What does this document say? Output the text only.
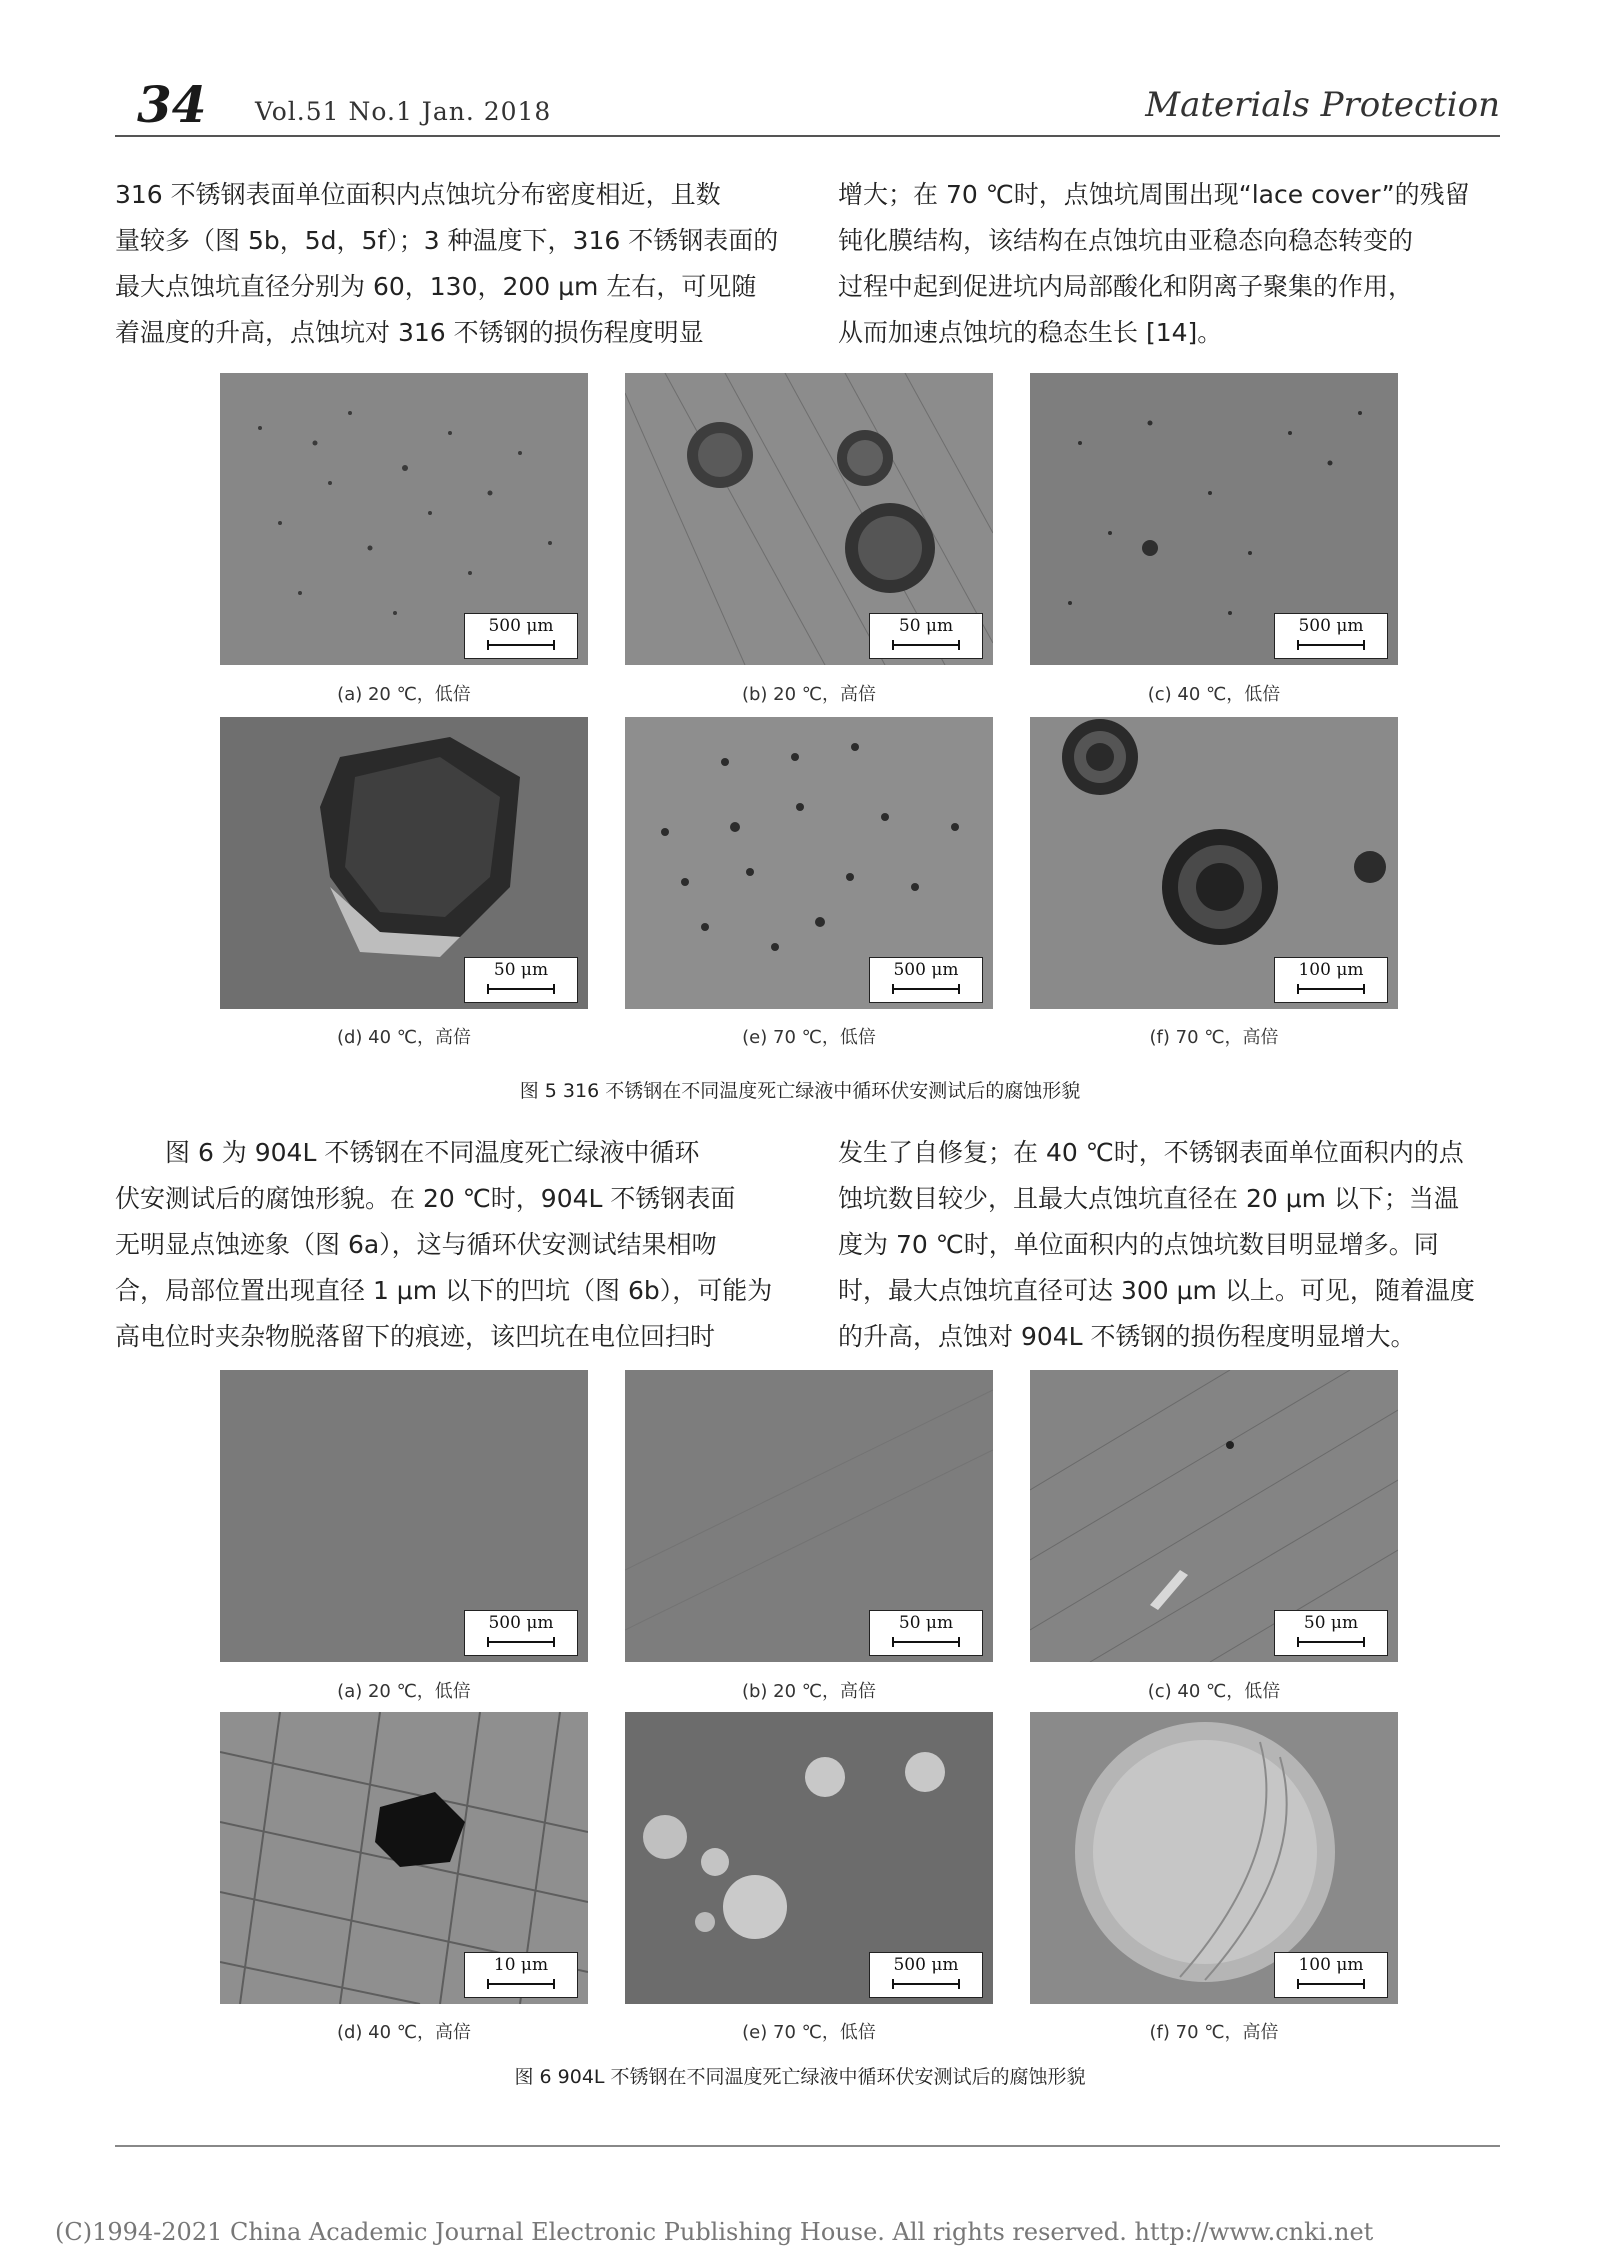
34 Vol.51 No.1 Jan. 2018	Materials Protection

316 不锈钢表面单位面积内点蚀坑分布密度相近，且数

量较多（图 5b，5d，5f）；3 种温度下，316 不锈钢表面的

最大点蚀坑直径分别为 60，130，200 μm 左右，可见随

着温度的升高，点蚀坑对 316 不锈钢的损伤程度明显

增大；在 70 ℃时，点蚀坑周围出现“lace cover”的残留

钝化膜结构，该结构在点蚀坑由亚稳态向稳态转变的

过程中起到促进坑内局部酸化和阴离子聚集的作用，

从而加速点蚀坑的稳态生长 [14]。

500 μm	50 μm	500 μm
(a) 20 ℃，低倍	(b) 20 ℃，高倍	(c) 40 ℃，低倍
50 μm	500 μm	100 μm
(d) 40 ℃，高倍	(e) 70 ℃，低倍	(f) 70 ℃，高倍
图 5 316 不锈钢在不同温度死亡绿液中循环伏安测试后的腐蚀形貌

图 6 为 904L 不锈钢在不同温度死亡绿液中循环

伏安测试后的腐蚀形貌。在 20 ℃时，904L 不锈钢表面

无明显点蚀迹象（图 6a），这与循环伏安测试结果相吻

合，局部位置出现直径 1 μm 以下的凹坑（图 6b），可能为

高电位时夹杂物脱落留下的痕迹，该凹坑在电位回扫时

发生了自修复；在 40 ℃时，不锈钢表面单位面积内的点

蚀坑数目较少，且最大点蚀坑直径在 20 μm 以下；当温

度为 70 ℃时，单位面积内的点蚀坑数目明显增多。同

时，最大点蚀坑直径可达 300 μm 以上。可见，随着温度

的升高，点蚀对 904L 不锈钢的损伤程度明显增大。

500 μm	50 μm	50 μm
(a) 20 ℃，低倍	(b) 20 ℃，高倍	(c) 40 ℃，低倍
10 μm	500 μm	100 μm
(d) 40 ℃，高倍	(e) 70 ℃，低倍	(f) 70 ℃，高倍
图 6 904L 不锈钢在不同温度死亡绿液中循环伏安测试后的腐蚀形貌
(C)1994-2021 China Academic Journal Electronic Publishing House. All rights reserved. http://www.cnki.net
